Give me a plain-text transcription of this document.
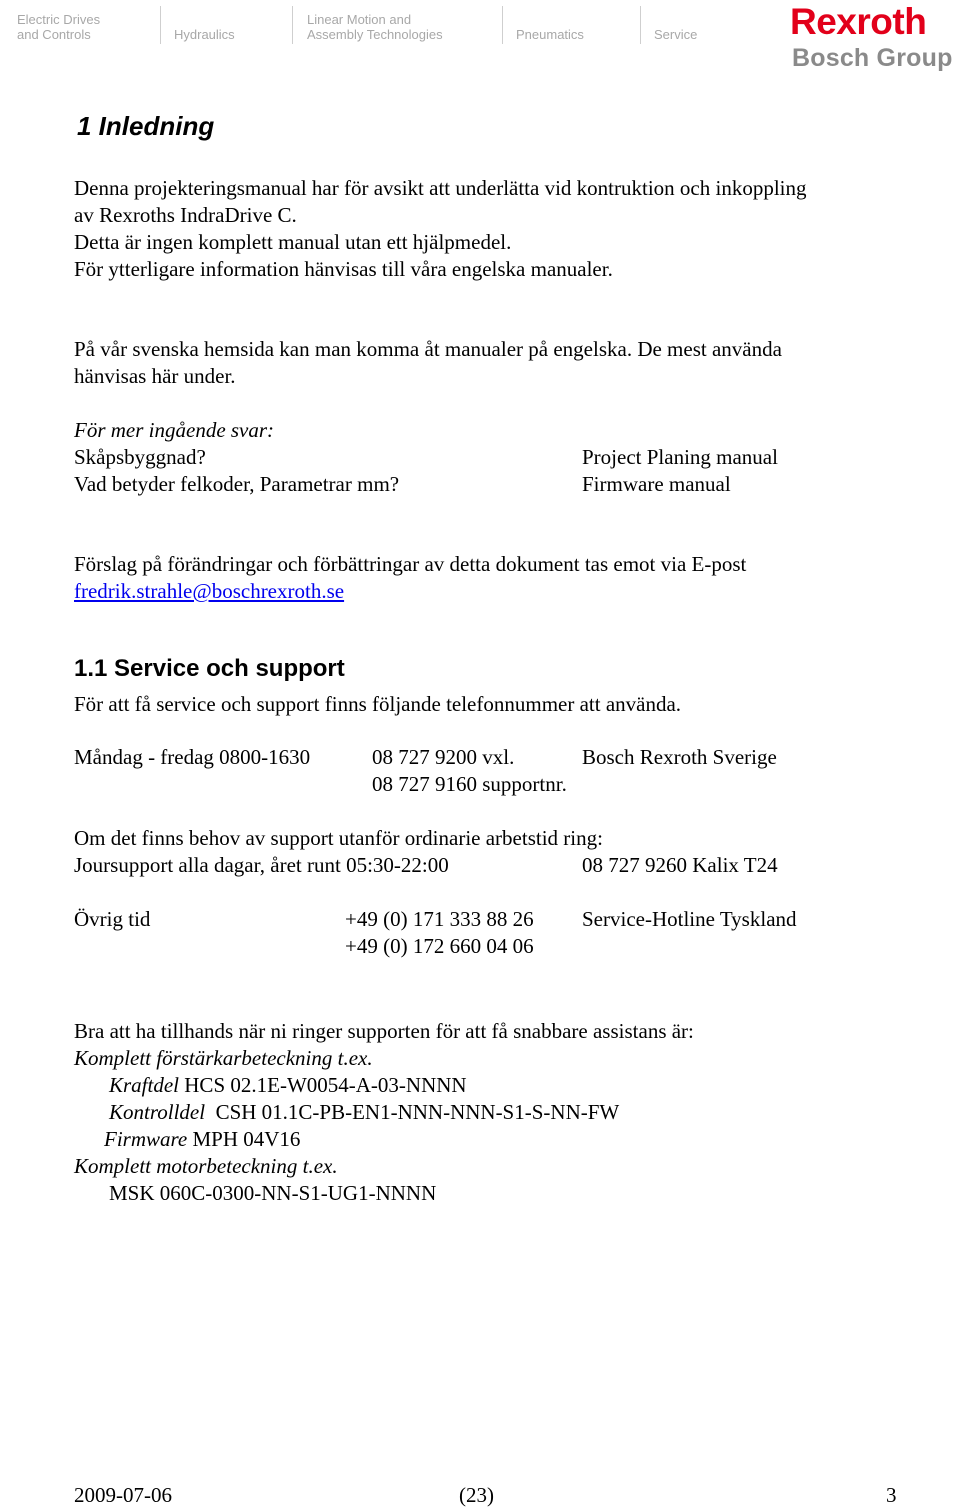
Electric Drives
and Controls	Hydraulics
Linear Motion and
Assembly Technologies	Pneumatics	Service	Rexroth
Bosch Group
1 Inledning
Denna projekteringsmanual har för avsikt att underlätta vid kontruktion och inkoppling
av Rexroths IndraDrive C.
Detta är ingen komplett manual utan ett hjälpmedel.
För ytterligare information hänvisas till våra engelska manualer.
På vår svenska hemsida kan man komma åt manualer på engelska. De mest använda
hänvisas här under.
För mer ingående svar:
Skåpsbyggnad?	Project Planing manual
Vad betyder felkoder, Parametrar mm?	Firmware manual
Förslag på förändringar och förbättringar av detta dokument tas emot via E-post
fredrik.strahle@boschrexroth.se
1.1 Service och support
För att få service och support finns följande telefonnummer att använda.
Måndag - fredag 0800-1630	08 727 9200 vxl.	Bosch Rexroth Sverige
08 727 9160 supportnr.
Om det finns behov av support utanför ordinarie arbetstid ring:
Joursupport alla dagar, året runt 05:30-22:00	08 727 9260 Kalix T24
Övrig tid	+49 (0) 171 333 88 26 Service-Hotline Tyskland
+49 (0) 172 660 04 06
Bra att ha tillhands när ni ringer supporten för att få snabbare assistans är:
Komplett förstärkarbeteckning t.ex.
Kraftdel HCS 02.1E-W0054-A-03-NNNN
Kontrolldel  CSH 01.1C-PB-EN1-NNN-NNN-S1-S-NN-FW
Firmware MPH 04V16
Komplett motorbeteckning t.ex.
MSK 060C-0300-NN-S1-UG1-NNNN
2009-07-06	(23)	3
